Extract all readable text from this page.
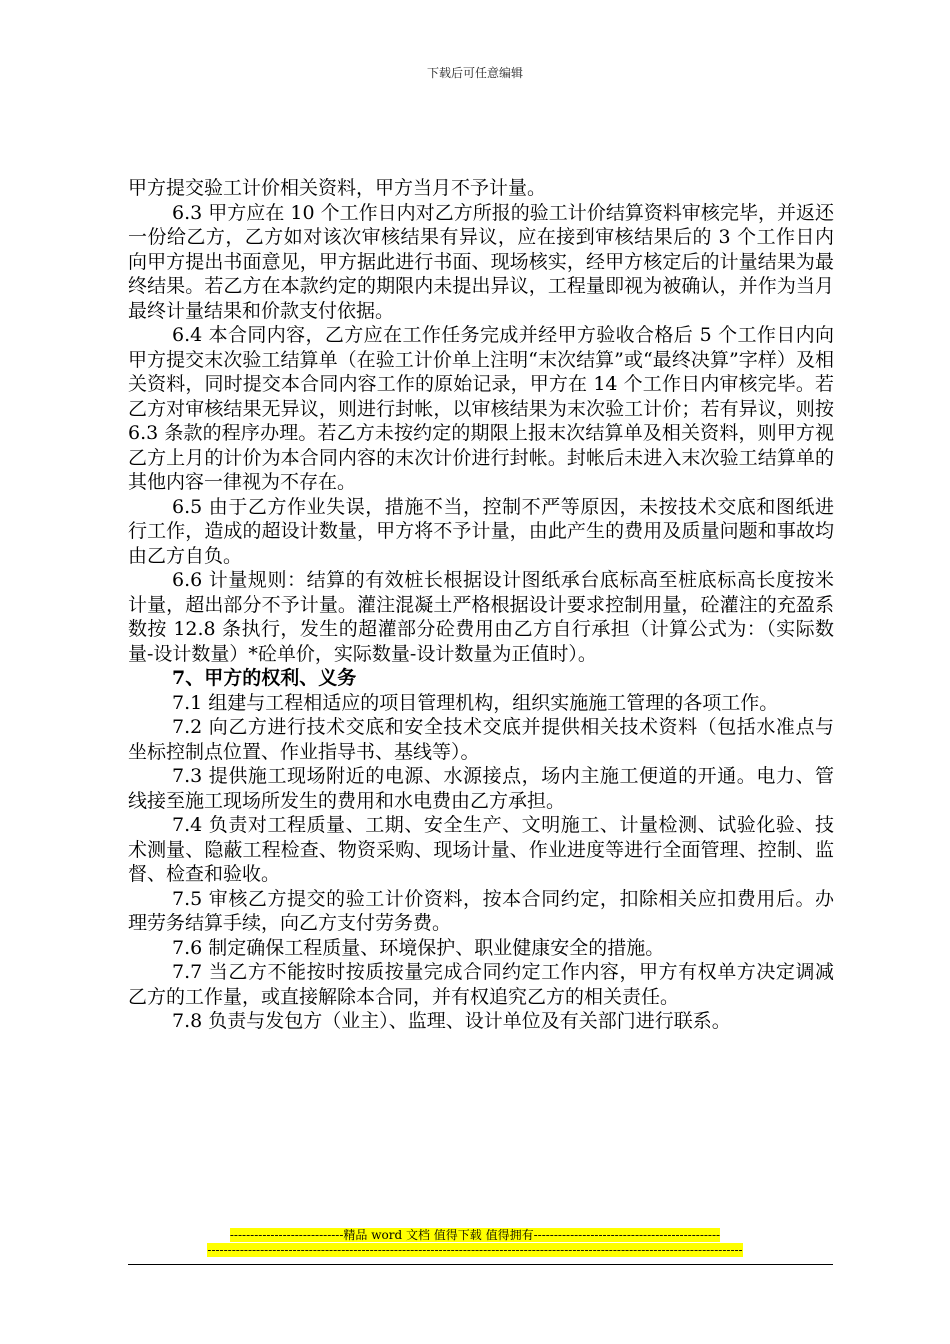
下载后可任意编辑

甲方提交验工计价相关资料，甲方当月不予计量。

6.3 甲方应在 10 个工作日内对乙方所报的验工计价结算资料审核完毕，并返还一份给乙方，乙方如对该次审核结果有异议，应在接到审核结果后的 3 个工作日内向甲方提出书面意见，甲方据此进行书面、现场核实，经甲方核定后的计量结果为最终结果。若乙方在本款约定的期限内未提出异议，工程量即视为被确认，并作为当月最终计量结果和价款支付依据。

6.4 本合同内容，乙方应在工作任务完成并经甲方验收合格后 5 个工作日内向甲方提交末次验工结算单（在验工计价单上注明“末次结算”或“最终决算”字样）及相关资料，同时提交本合同内容工作的原始记录，甲方在 14 个工作日内审核完毕。若乙方对审核结果无异议，则进行封帐，以审核结果为末次验工计价；若有异议，则按 6.3 条款的程序办理。若乙方未按约定的期限上报末次结算单及相关资料，则甲方视乙方上月的计价为本合同内容的末次计价进行封帐。封帐后未进入末次验工结算单的其他内容一律视为不存在。

6.5 由于乙方作业失误，措施不当，控制不严等原因，未按技术交底和图纸进行工作，造成的超设计数量，甲方将不予计量，由此产生的费用及质量问题和事故均由乙方自负。

6.6 计量规则：结算的有效桩长根据设计图纸承台底标高至桩底标高长度按米计量，超出部分不予计量。灌注混凝土严格根据设计要求控制用量，砼灌注的充盈系数按 12.8 条执行，发生的超灌部分砼费用由乙方自行承担（计算公式为：（实际数量-设计数量）*砼单价，实际数量-设计数量为正值时）。

7、甲方的权利、义务

7.1 组建与工程相适应的项目管理机构，组织实施施工管理的各项工作。

7.2 向乙方进行技术交底和安全技术交底并提供相关技术资料（包括水准点与坐标控制点位置、作业指导书、基线等）。

7.3 提供施工现场附近的电源、水源接点，场内主施工便道的开通。电力、管线接至施工现场所发生的费用和水电费由乙方承担。

7.4 负责对工程质量、工期、安全生产、文明施工、计量检测、试验化验、技术测量、隐蔽工程检查、物资采购、现场计量、作业进度等进行全面管理、控制、监督、检查和验收。

7.5 审核乙方提交的验工计价资料，按本合同约定，扣除相关应扣费用后。办理劳务结算手续，向乙方支付劳务费。

7.6 制定确保工程质量、环境保护、职业健康安全的措施。

7.7 当乙方不能按时按质按量完成合同约定工作内容，甲方有权单方决定调减乙方的工作量，或直接解除本合同，并有权追究乙方的相关责任。

7.8 负责与发包方（业主）、监理、设计单位及有关部门进行联系。

----------------------------精品 word 文档 值得下载 值得拥有----------------------------------------------
------------------------------------------------------------------------------------------------------------------------------------
